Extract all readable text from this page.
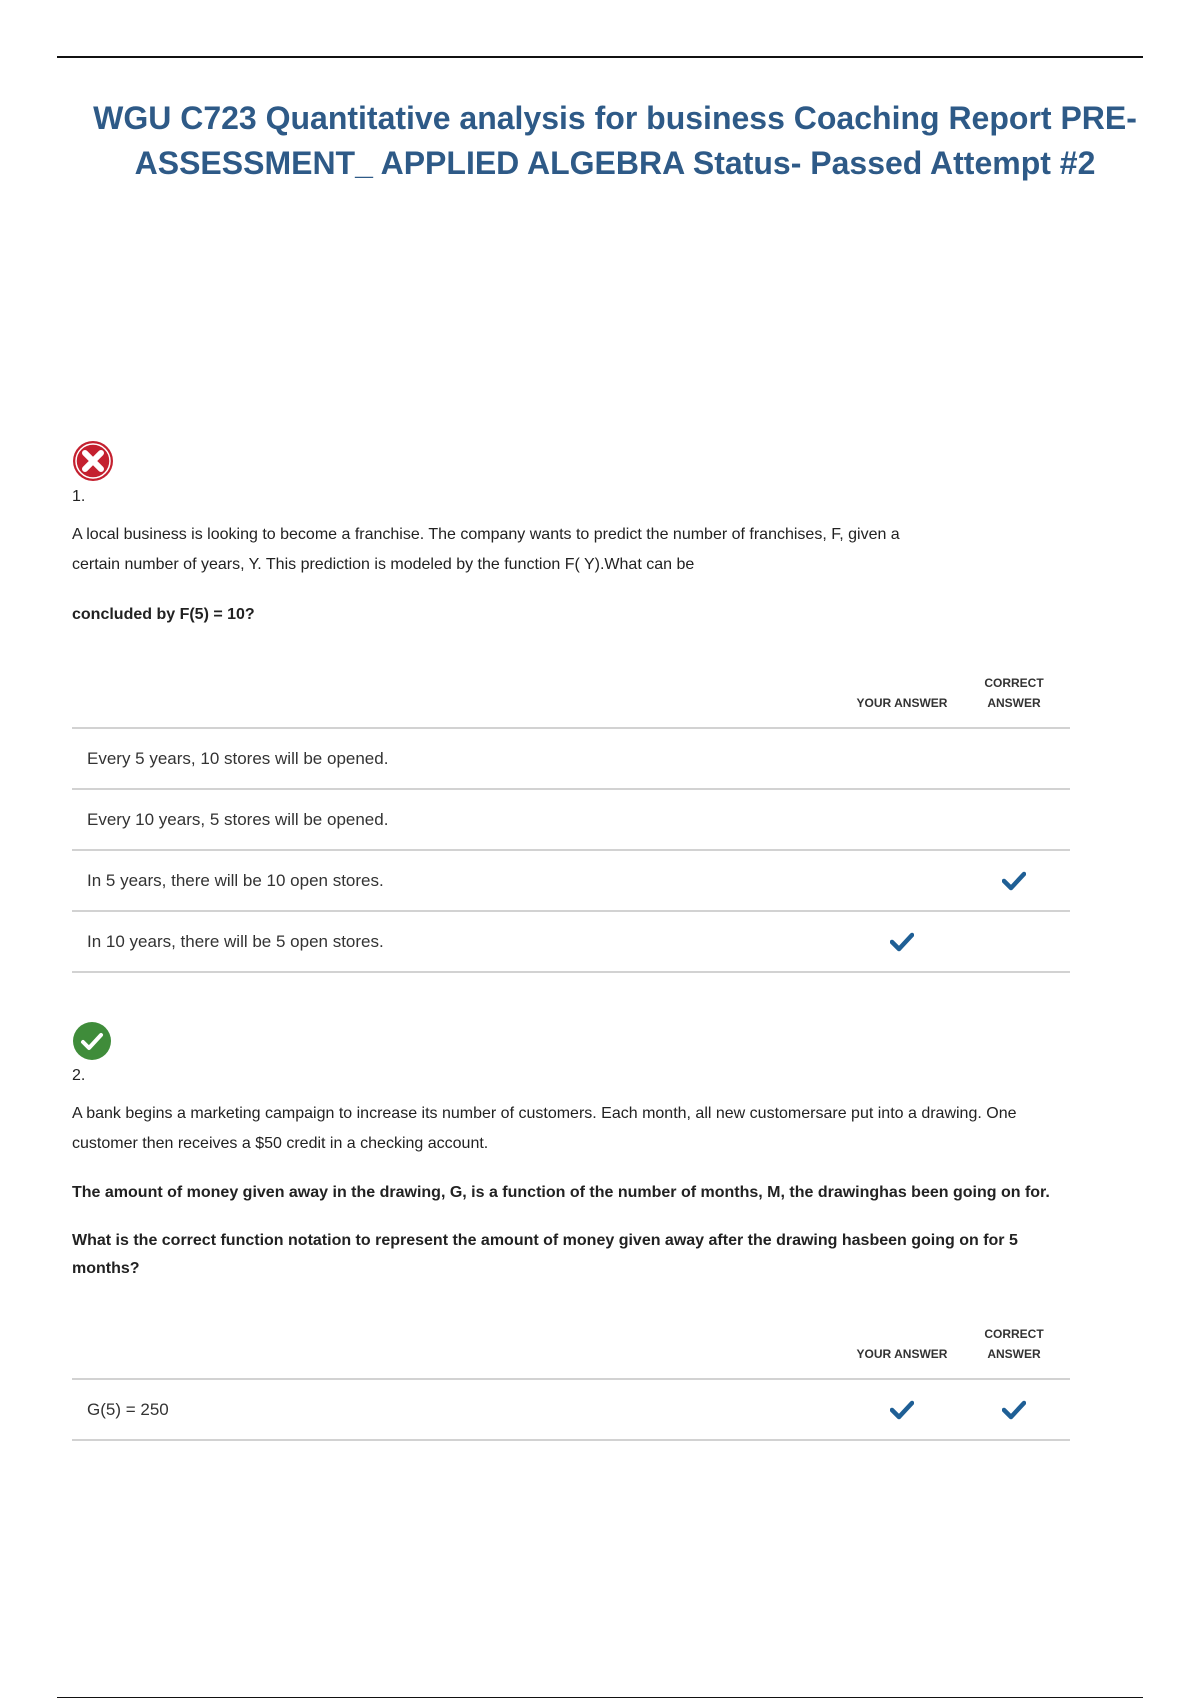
WGU C723 Quantitative analysis for business Coaching Report PRE-ASSESSMENT_ APPLIED ALGEBRA Status- Passed Attempt #2
1.

A local business is looking to become a franchise. The company wants to predict the number of franchises, F, given a certain number of years, Y. This prediction is modeled by the function F( Y).What can be

concluded by F(5) = 10?

	YOUR ANSWER	CORRECT ANSWER
Every 5 years, 10 stores will be opened.		
Every 10 years, 5 stores will be opened.		
In 5 years, there will be 10 open stores.		
In 10 years, there will be 5 open stores.		
2.

A bank begins a marketing campaign to increase its number of customers. Each month, all new customersare put into a drawing. One customer then receives a $50 credit in a checking account.

The amount of money given away in the drawing, G, is a function of the number of months, M, the drawinghas been going on for.

What is the correct function notation to represent the amount of money given away after the drawing hasbeen going on for 5 months?

	YOUR ANSWER	CORRECT ANSWER
G(5) = 250		
